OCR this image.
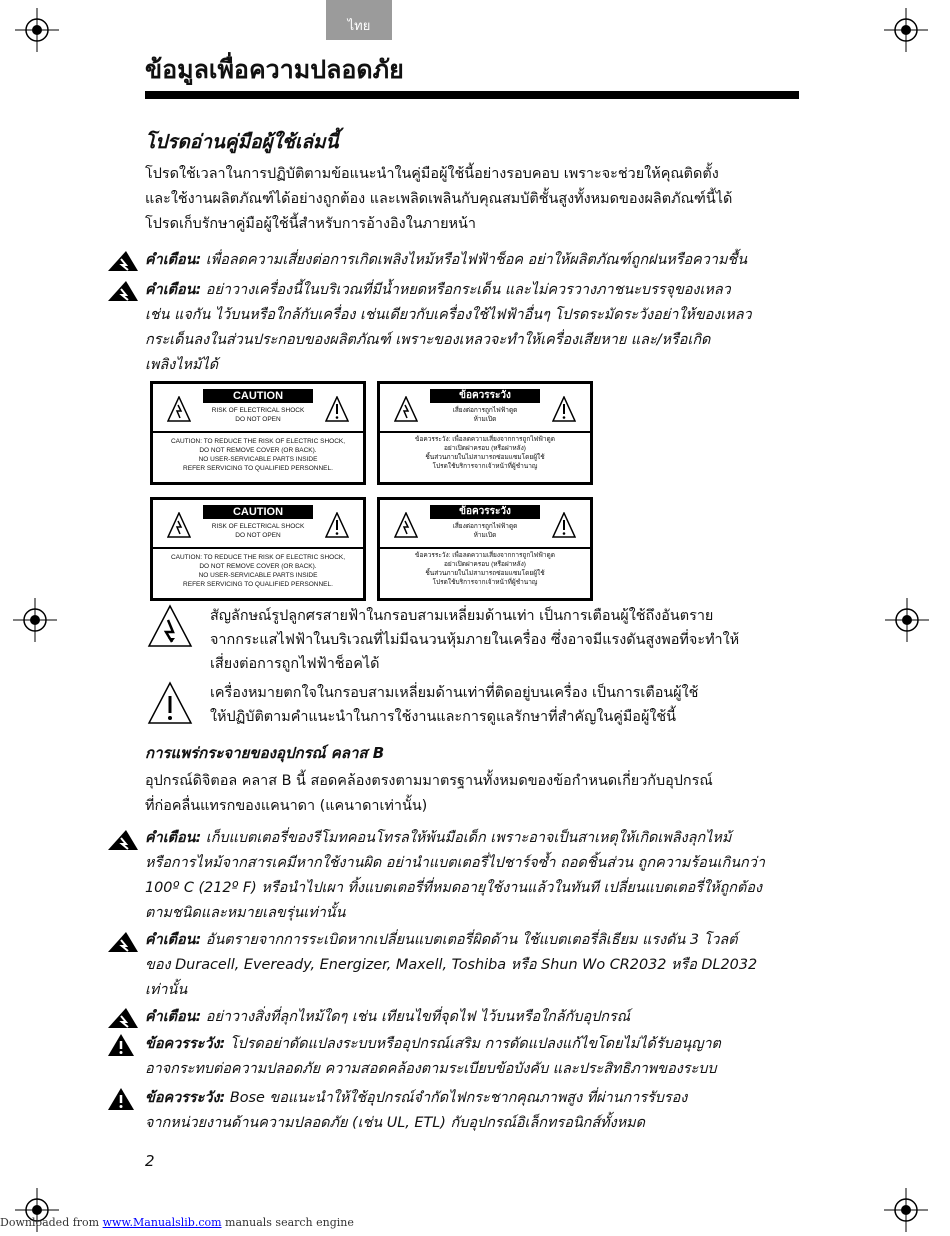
ไทย
ข้อมูลเพื่อความปลอดภัย
โปรดอ่านคู่มือผู้ใช้เล่มนี้
โปรดใช้เวลาในการปฏิบัติตามข้อแนะนำในคู่มือผู้ใช้นี้อย่างรอบคอบ เพราะจะช่วยให้คุณติดตั้ง
และใช้งานผลิตภัณฑ์ได้อย่างถูกต้อง และเพลิดเพลินกับคุณสมบัติชั้นสูงทั้งหมดของผลิตภัณฑ์นี้ได้
โปรดเก็บรักษาคู่มือผู้ใช้นี้สำหรับการอ้างอิงในภายหน้า
คำเตือน: เพื่อลดความเสี่ยงต่อการเกิดเพลิงไหม้หรือไฟฟ้าช็อค อย่าให้ผลิตภัณฑ์ถูกฝนหรือความชื้น
คำเตือน: อย่าวางเครื่องนี้ในบริเวณที่มีน้ำหยดหรือกระเด็น และไม่ควรวางภาชนะบรรจุของเหลว
เช่น แจกัน ไว้บนหรือใกล้กับเครื่อง เช่นเดียวกับเครื่องใช้ไฟฟ้าอื่นๆ โปรดระมัดระวังอย่าให้ของเหลว
กระเด็นลงในส่วนประกอบของผลิตภัณฑ์ เพราะของเหลวจะทำให้เครื่องเสียหาย และ/หรือเกิด
เพลิงไหม้ได้
CAUTION
RISK OF ELECTRICAL SHOCK
DO NOT OPEN
CAUTION: TO REDUCE THE RISK OF ELECTRIC SHOCK,
DO NOT REMOVE COVER (OR BACK).
NO USER-SERVICABLE PARTS INSIDE
REFER SERVICING TO QUALIFIED PERSONNEL.
ข้อควรระวัง
เสี่ยงต่อการถูกไฟฟ้าดูด
ห้ามเปิด
ข้อควรระวัง: เพื่อลดความเสี่ยงจากการถูกไฟฟ้าดูด
อย่าเปิดฝาครอบ (หรือฝาหลัง)
ชิ้นส่วนภายในไม่สามารถซ่อมแซมโดยผู้ใช้
โปรดใช้บริการจากเจ้าหน้าที่ผู้ชำนาญ
CAUTION
RISK OF ELECTRICAL SHOCK
DO NOT OPEN
CAUTION: TO REDUCE THE RISK OF ELECTRIC SHOCK,
DO NOT REMOVE COVER (OR BACK).
NO USER-SERVICABLE PARTS INSIDE
REFER SERVICING TO QUALIFIED PERSONNEL.
ข้อควรระวัง
เสี่ยงต่อการถูกไฟฟ้าดูด
ห้ามเปิด
ข้อควรระวัง: เพื่อลดความเสี่ยงจากการถูกไฟฟ้าดูด
อย่าเปิดฝาครอบ (หรือฝาหลัง)
ชิ้นส่วนภายในไม่สามารถซ่อมแซมโดยผู้ใช้
โปรดใช้บริการจากเจ้าหน้าที่ผู้ชำนาญ
สัญลักษณ์รูปลูกศรสายฟ้าในกรอบสามเหลี่ยมด้านเท่า เป็นการเตือนผู้ใช้ถึงอันตราย
จากกระแสไฟฟ้าในบริเวณที่ไม่มีฉนวนหุ้มภายในเครื่อง ซึ่งอาจมีแรงดันสูงพอที่จะทำให้
เสี่ยงต่อการถูกไฟฟ้าช็อคได้
เครื่องหมายตกใจในกรอบสามเหลี่ยมด้านเท่าที่ติดอยู่บนเครื่อง เป็นการเตือนผู้ใช้
ให้ปฏิบัติตามคำแนะนำในการใช้งานและการดูแลรักษาที่สำคัญในคู่มือผู้ใช้นี้
การแพร่กระจายของอุปกรณ์ คลาส B
อุปกรณ์ดิจิตอล คลาส B นี้ สอดคล้องตรงตามมาตรฐานทั้งหมดของข้อกำหนดเกี่ยวกับอุปกรณ์
ที่ก่อคลื่นแทรกของแคนาดา (แคนาดาเท่านั้น)
คำเตือน: เก็บแบตเตอรี่ของรีโมทคอนโทรลให้พ้นมือเด็ก เพราะอาจเป็นสาเหตุให้เกิดเพลิงลุกไหม้
หรือการไหม้จากสารเคมีหากใช้งานผิด อย่านำแบตเตอรี่ไปชาร์จซ้ำ ถอดชิ้นส่วน ถูกความร้อนเกินกว่า
100º C (212º F) หรือนำไปเผา ทิ้งแบตเตอรี่ที่หมดอายุใช้งานแล้วในทันที เปลี่ยนแบตเตอรี่ให้ถูกต้อง
ตามชนิดและหมายเลขรุ่นเท่านั้น
คำเตือน: อันตรายจากการระเบิดหากเปลี่ยนแบตเตอรี่ผิดด้าน ใช้แบตเตอรี่ลิเธียม แรงดัน 3 โวลต์
ของ Duracell, Eveready, Energizer, Maxell, Toshiba หรือ Shun Wo CR2032 หรือ DL2032
เท่านั้น
คำเตือน: อย่าวางสิ่งที่ลุกไหม้ใดๆ เช่น เทียนไขที่จุดไฟ ไว้บนหรือใกล้กับอุปกรณ์
ข้อควรระวัง: โปรดอย่าดัดแปลงระบบหรืออุปกรณ์เสริม การดัดแปลงแก้ไขโดยไม่ได้รับอนุญาต
อาจกระทบต่อความปลอดภัย ความสอดคล้องตามระเบียบข้อบังคับ และประสิทธิภาพของระบบ
ข้อควรระวัง: Bose ขอแนะนำให้ใช้อุปกรณ์จำกัดไฟกระชากคุณภาพสูง ที่ผ่านการรับรอง
จากหน่วยงานด้านความปลอดภัย (เช่น UL, ETL) กับอุปกรณ์อิเล็กทรอนิกส์ทั้งหมด
2
Downloaded from www.Manualslib.com manuals search engine
